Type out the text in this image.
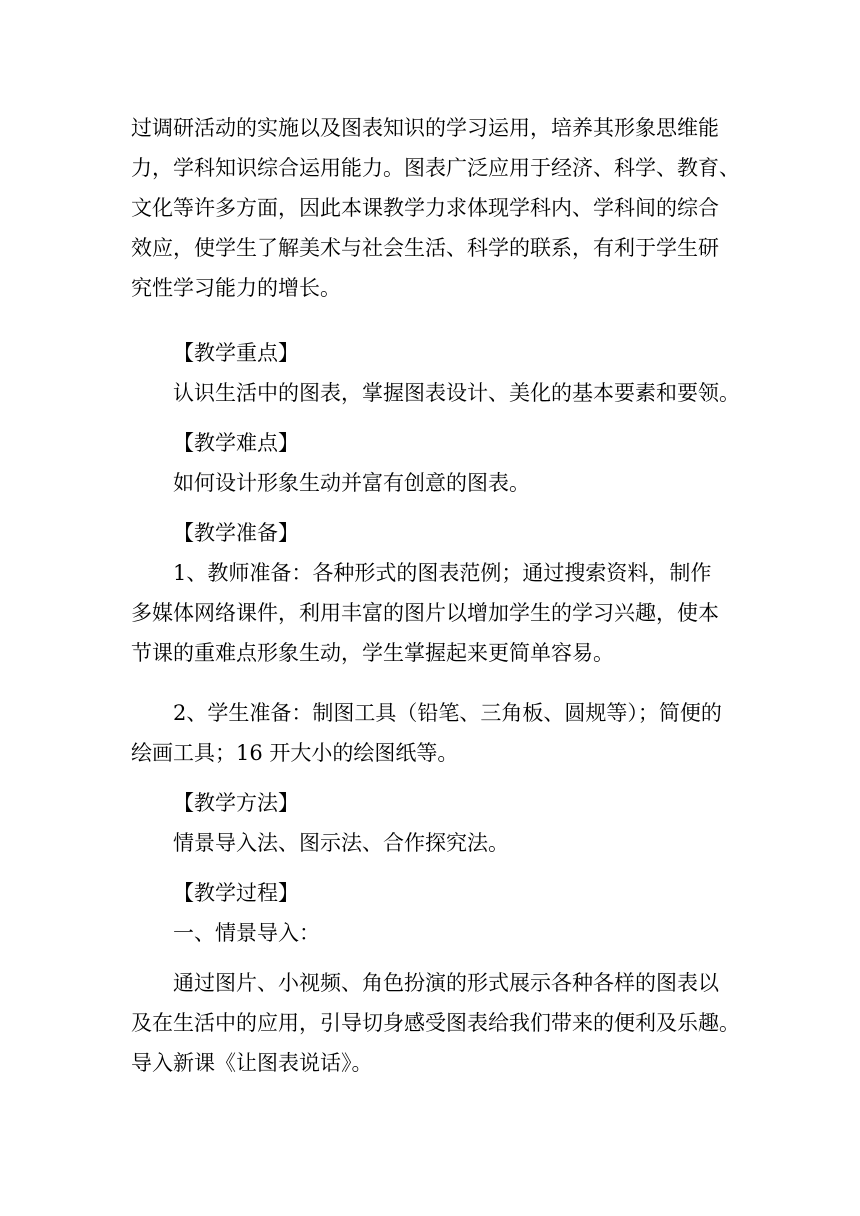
过调研活动的实施以及图表知识的学习运用，培养其形象思维能
力，学科知识综合运用能力。图表广泛应用于经济、科学、教育、
文化等许多方面，因此本课教学力求体现学科内、学科间的综合
效应，使学生了解美术与社会生活、科学的联系，有利于学生研
究性学习能力的增长。
【教学重点】
认识生活中的图表，掌握图表设计、美化的基本要素和要领。
【教学难点】
如何设计形象生动并富有创意的图表。
【教学准备】
1、教师准备：各种形式的图表范例；通过搜索资料，制作
多媒体网络课件，利用丰富的图片以增加学生的学习兴趣，使本
节课的重难点形象生动，学生掌握起来更简单容易。
2、学生准备：制图工具（铅笔、三角板、圆规等）；简便的
绘画工具；16 开大小的绘图纸等。
【教学方法】
情景导入法、图示法、合作探究法。
【教学过程】
一、情景导入：
通过图片、小视频、角色扮演的形式展示各种各样的图表以
及在生活中的应用，引导切身感受图表给我们带来的便利及乐趣。
导入新课《让图表说话》。
